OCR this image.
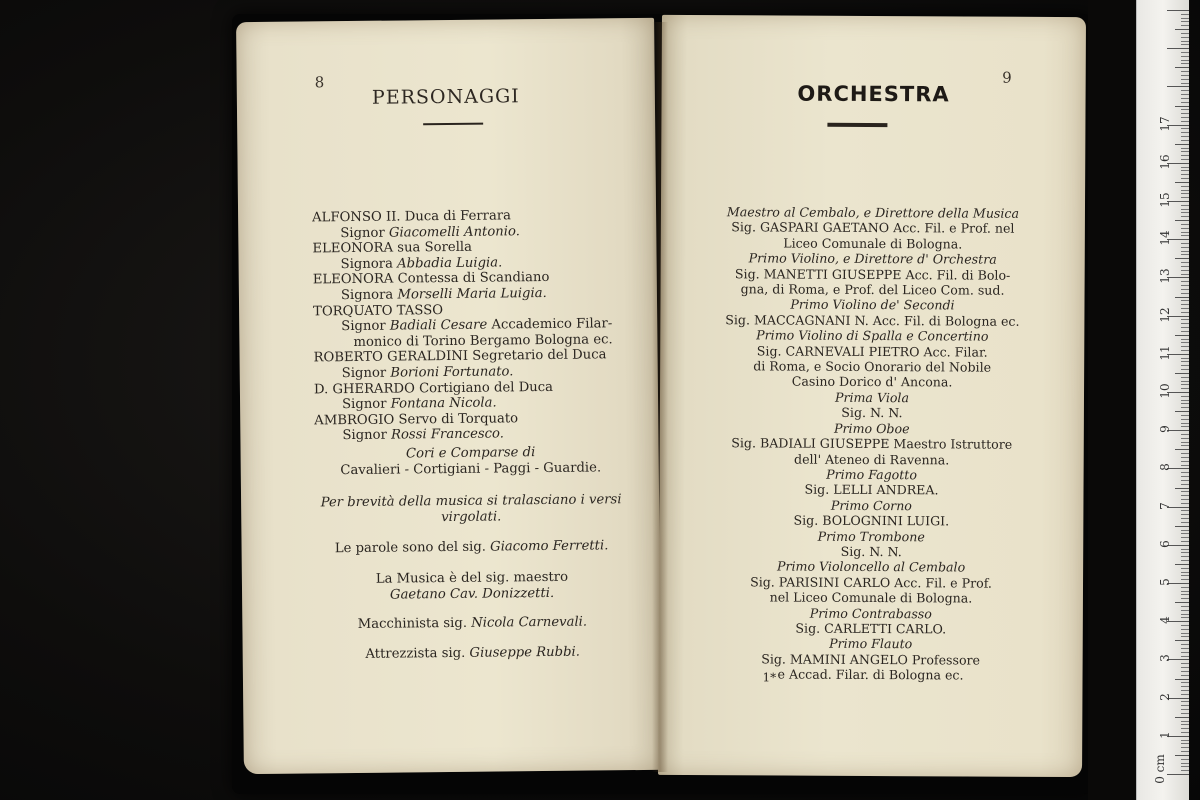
8
PERSONAGGI
ALFONSO II. Duca di Ferrara
Signor Giacomelli Antonio.
ELEONORA sua Sorella
Signora Abbadia Luigia.
ELEONORA Contessa di Scandiano
Signora Morselli Maria Luigia.
TORQUATO TASSO
Signor Badiali Cesare Accademico Filar-
monico di Torino Bergamo Bologna ec.
ROBERTO GERALDINI Segretario del Duca
Signor Borioni Fortunato.
D. GHERARDO Cortigiano del Duca
Signor Fontana Nicola.
AMBROGIO Servo di Torquato
Signor Rossi Francesco.
Cori e Comparse di
Cavalieri - Cortigiani - Paggi - Guardie.
Per brevità della musica si tralasciano i versi
virgolati.
Le parole sono del sig. Giacomo Ferretti.
La Musica è del sig. maestro
Gaetano Cav. Donizzetti.
Macchinista sig. Nicola Carnevali.
Attrezzista sig. Giuseppe Rubbi.
9
ORCHESTRA
Maestro al Cembalo, e Direttore della Musica
Sig. GASPARI GAETANO Acc. Fil. e Prof. nel
Liceo Comunale di Bologna.
Primo Violino, e Direttore d' Orchestra
Sig. MANETTI GIUSEPPE Acc. Fil. di Bolo-
gna, di Roma, e Prof. del Liceo Com. sud.
Primo Violino de' Secondi
Sig. MACCAGNANI N. Acc. Fil. di Bologna ec.
Primo Violino di Spalla e Concertino
Sig. CARNEVALI PIETRO Acc. Filar.
di Roma, e Socio Onorario del Nobile
Casino Dorico d' Ancona.
Prima Viola
Sig. N. N.
Primo Oboe
Sig. BADIALI GIUSEPPE Maestro Istruttore
dell' Ateneo di Ravenna.
Primo Fagotto
Sig. LELLI ANDREA.
Primo Corno
Sig. BOLOGNINI LUIGI.
Primo Trombone
Sig. N. N.
Primo Violoncello al Cembalo
Sig. PARISINI CARLO Acc. Fil. e Prof.
nel Liceo Comunale di Bologna.
Primo Contrabasso
Sig. CARLETTI CARLO.
Primo Flauto
Sig. MAMINI ANGELO Professore
e Accad. Filar. di Bologna ec.
1*
0 cm
1
2
3
4
5
6
7
8
9
10
11
12
13
14
15
16
17
